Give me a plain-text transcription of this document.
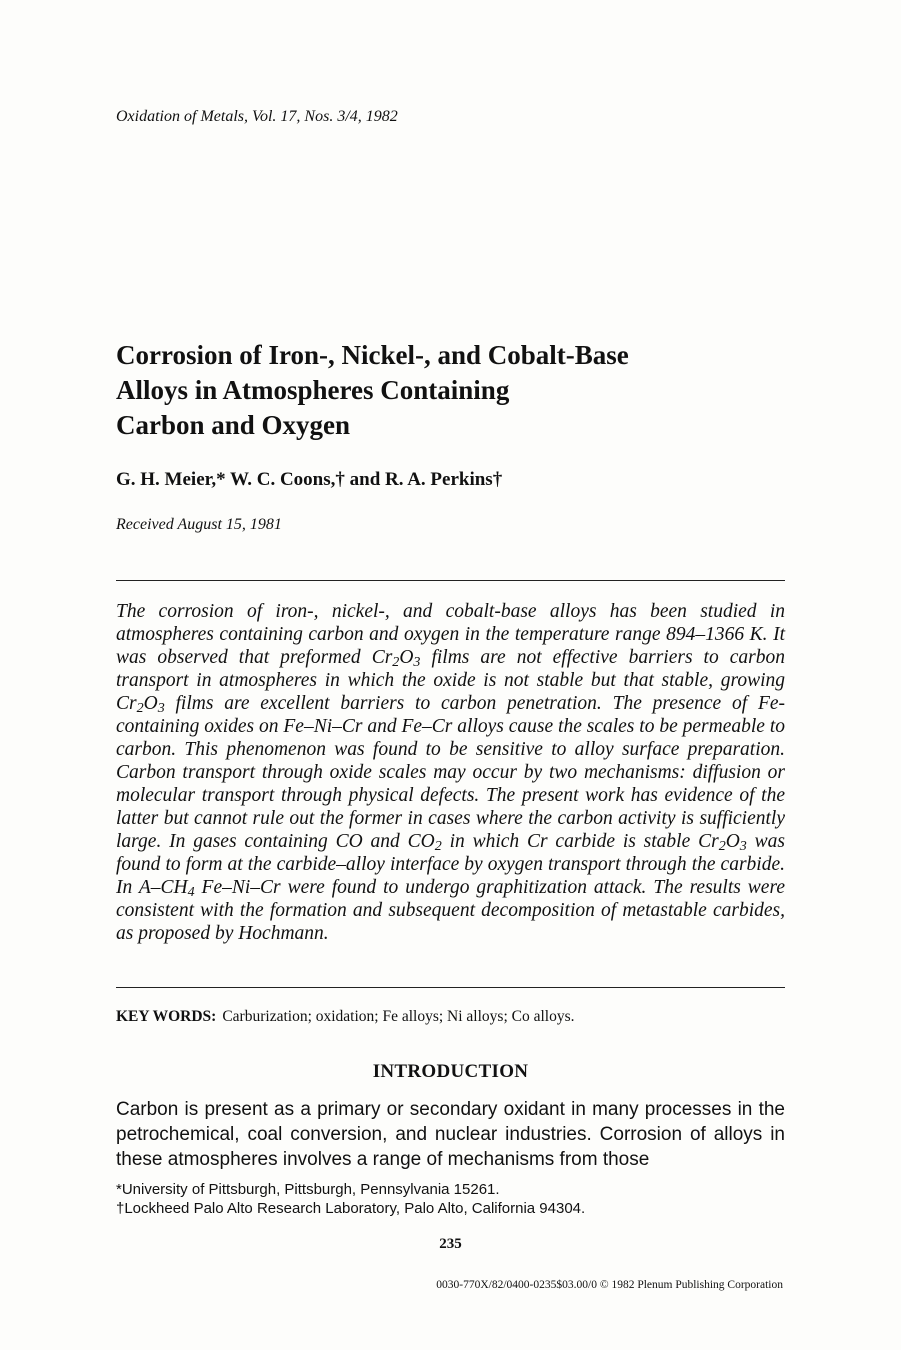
Oxidation of Metals, Vol. 17, Nos. 3/4, 1982
Corrosion of Iron-, Nickel-, and Cobalt-Base
Alloys in Atmospheres Containing
Carbon and Oxygen
G. H. Meier,* W. C. Coons,† and R. A. Perkins†
Received August 15, 1981
The corrosion of iron-, nickel-, and cobalt-base alloys has been studied in atmospheres containing carbon and oxygen in the temperature range 894–1366 K. It was observed that preformed $Cr_2O_3$ films are not effective barriers to carbon transport in atmospheres in which the oxide is not stable but that stable, growing $Cr_2O_3$ films are excellent barriers to carbon penetration. The presence of Fe-containing oxides on Fe–Ni–Cr and Fe–Cr alloys cause the scales to be permeable to carbon. This phenomenon was found to be sensitive to alloy surface preparation. Carbon transport through oxide scales may occur by two mechanisms: diffusion or molecular transport through physical defects. The present work has evidence of the latter but cannot rule out the former in cases where the carbon activity is sufficiently large. In gases containing CO and $CO_2$ in which Cr carbide is stable $Cr_2O_3$ was found to form at the carbide–alloy interface by oxygen transport through the carbide. In $A-CH_4$ Fe–Ni–Cr were found to undergo graphitization attack. The results were consistent with the formation and subsequent decomposition of metastable carbides, as proposed by Hochmann.
KEY WORDS: Carburization; oxidation; Fe alloys; Ni alloys; Co alloys.
INTRODUCTION
Carbon is present as a primary or secondary oxidant in many processes in the petrochemical, coal conversion, and nuclear industries. Corrosion of alloys in these atmospheres involves a range of mechanisms from those
*University of Pittsburgh, Pittsburgh, Pennsylvania 15261.
†Lockheed Palo Alto Research Laboratory, Palo Alto, California 94304.
235
0030-770X/82/0400-0235$03.00/0 © 1982 Plenum Publishing Corporation
